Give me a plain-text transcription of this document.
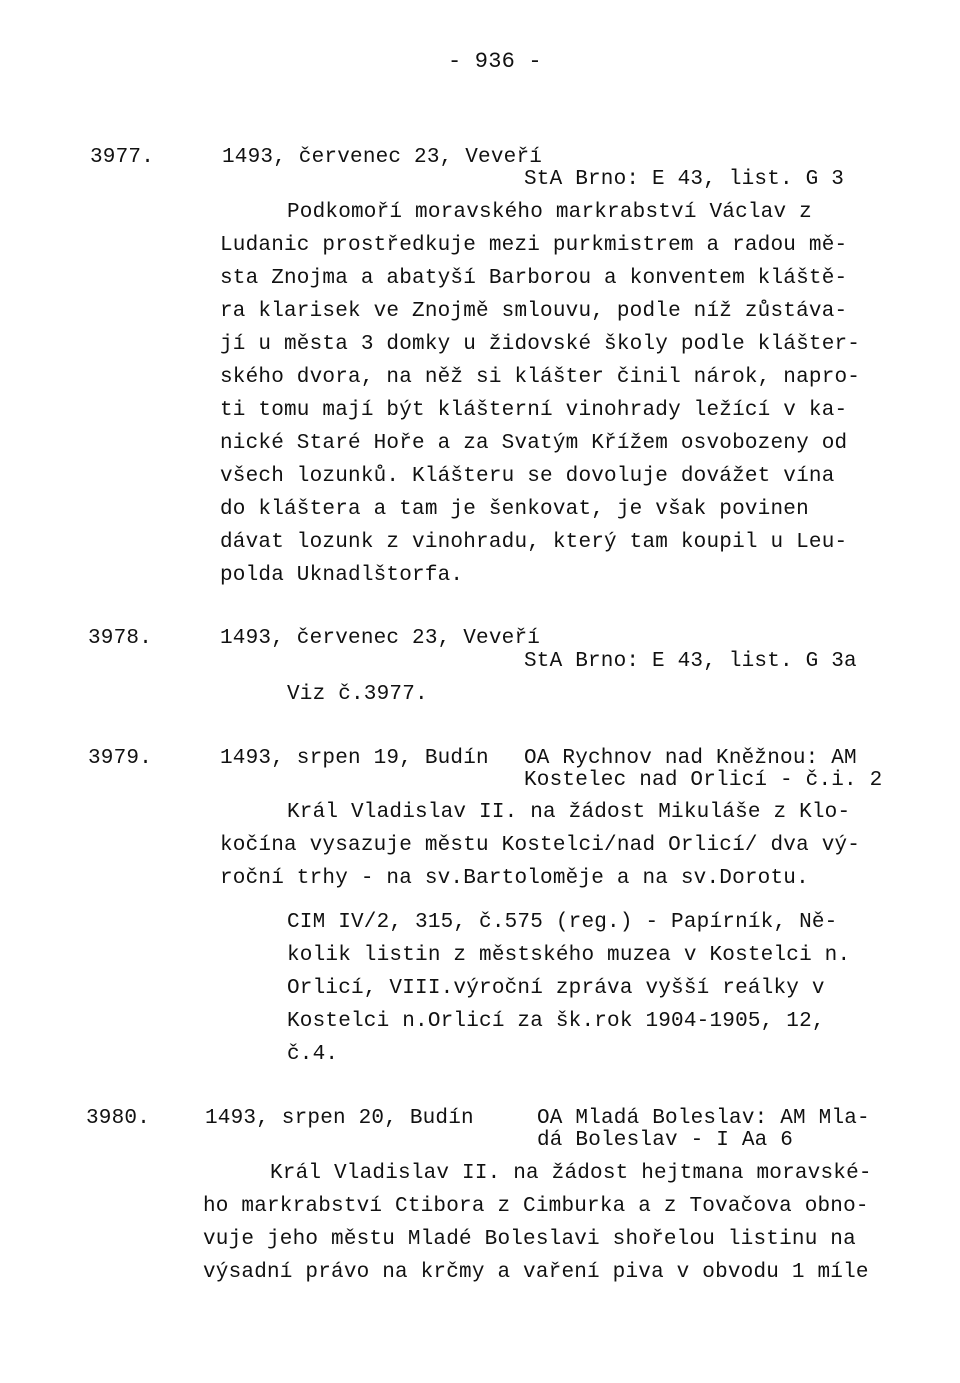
- 936 -
3977.	1493, červenec 23, Veveří
StA Brno: E 43, list. G 3
Podkomoří moravského markrabství Václav z
Ludanic prostředkuje mezi purkmistrem a radou mě-
sta Znojma a abatyší Barborou a konventem kláště-
ra klarisek ve Znojmě smlouvu, podle níž zůstáva-
jí u města 3 domky u židovské školy podle klášter-
ského dvora, na něž si klášter činil nárok, napro-
ti tomu mají být klášterní vinohrady ležící v ka-
nické Staré Hoře a za Svatým Křížem osvobozeny od
všech lozunků. Klášteru se dovoluje dovážet vína
do kláštera a tam je šenkovat, je však povinen
dávat lozunk z vinohradu, který tam koupil u Leu-
polda Uknadlštorfa.
3978.	1493, červenec 23, Veveří
StA Brno: E 43, list. G 3a
Viz č.3977.
3979.	1493, srpen 19, Budín OA Rychnov nad Kněžnou: AM
Kostelec nad Orlicí - č.i. 2
Král Vladislav II. na žádost Mikuláše z Klo-
kočína vysazuje městu Kostelci/nad Orlicí/ dva vý-
roční trhy - na sv.Bartoloměje a na sv.Dorotu.
CIM IV/2, 315, č.575 (reg.) - Papírník, Ně-
kolik listin z městského muzea v Kostelci n.
Orlicí, VIII.výroční zpráva vyšší reálky v
Kostelci n.Orlicí za šk.rok 1904-1905, 12,
č.4.
3980.	1493, srpen 20, Budín	OA Mladá Boleslav: AM Mla-
dá Boleslav - I Aa 6
Král Vladislav II. na žádost hejtmana moravské-
ho markrabství Ctibora z Cimburka a z Tovačova obno-
vuje jeho městu Mladé Boleslavi shořelou listinu na
výsadní právo na krčmy a vaření piva v obvodu 1 míle
